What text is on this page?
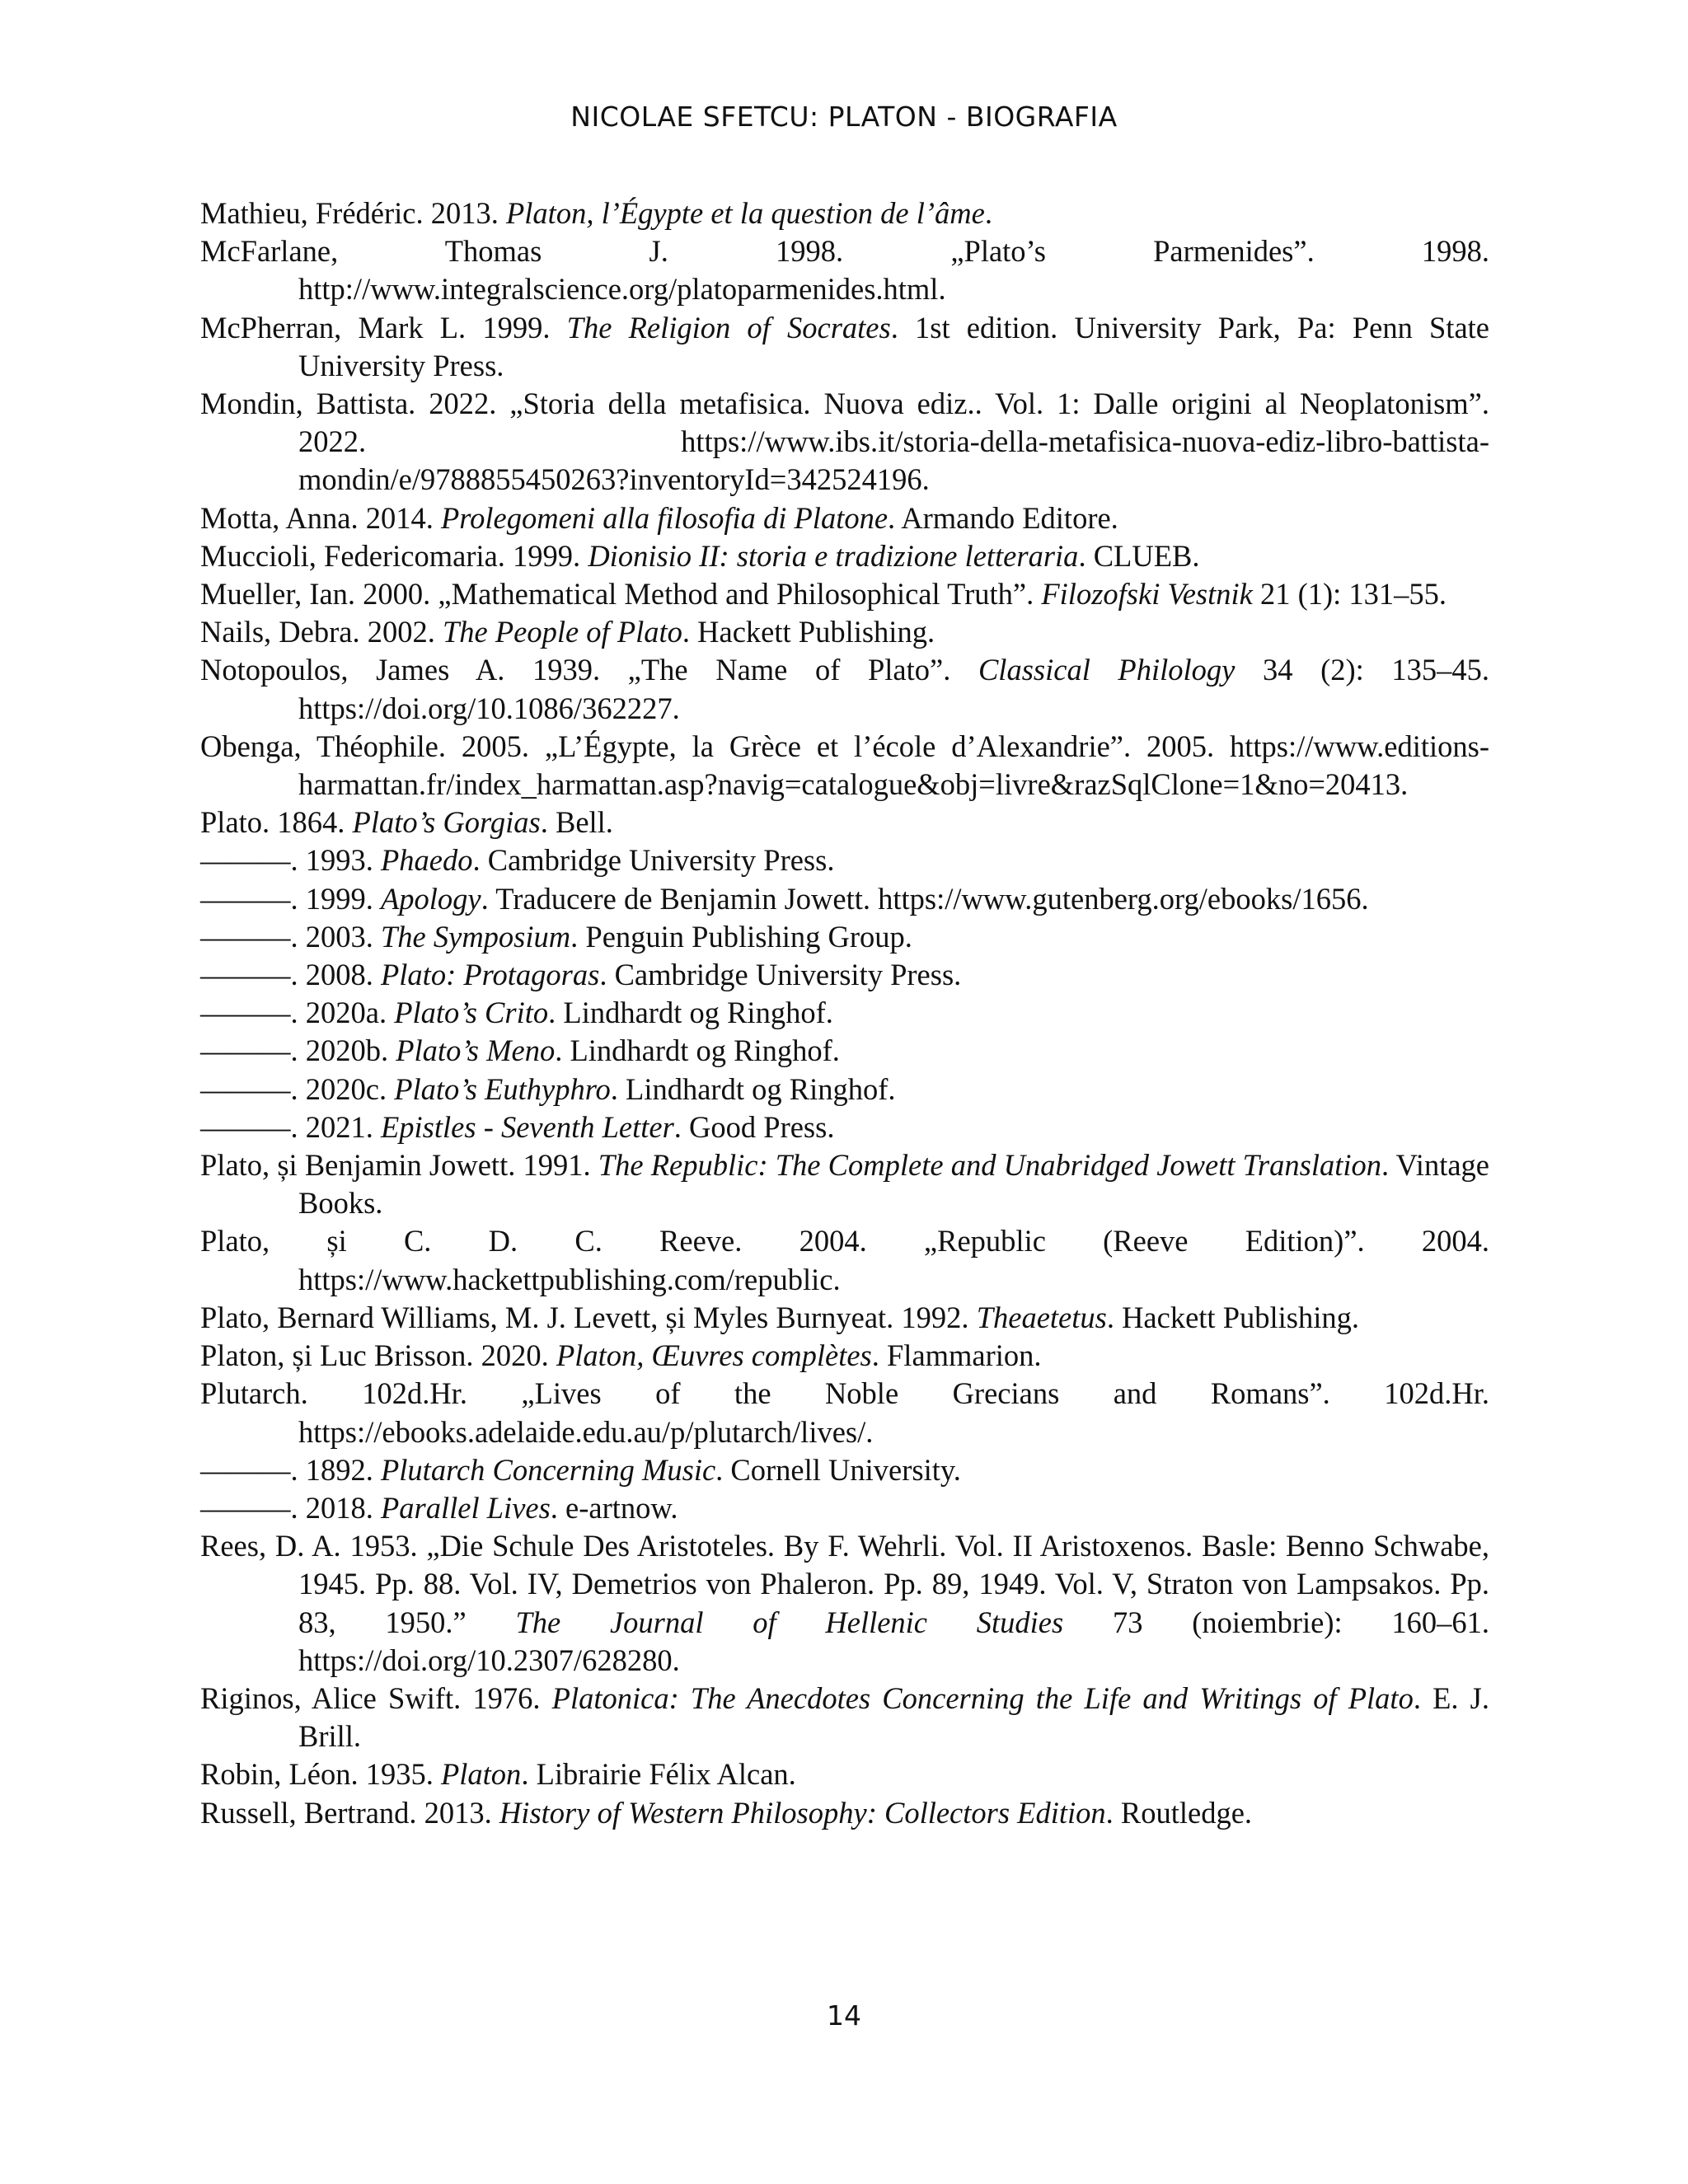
NICOLAE SFETCU: PLATON - BIOGRAFIA
Mathieu, Frédéric. 2013. Platon, l’Égypte et la question de l’âme.
McFarlane, Thomas J. 1998. „Plato’s Parmenides”. 1998. http://www.integralscience.org/platoparmenides.html.
McPherran, Mark L. 1999. The Religion of Socrates. 1st edition. University Park, Pa: Penn State University Press.
Mondin, Battista. 2022. „Storia della metafisica. Nuova ediz.. Vol. 1: Dalle origini al Neoplatonism”. 2022. https://www.ibs.it/storia-della-metafisica-nuova-ediz-libro-battista-mondin/e/9788855450263?inventoryId=342524196.
Motta, Anna. 2014. Prolegomeni alla filosofia di Platone. Armando Editore.
Muccioli, Federicomaria. 1999. Dionisio II: storia e tradizione letteraria. CLUEB.
Mueller, Ian. 2000. „Mathematical Method and Philosophical Truth”. Filozofski Vestnik 21 (1): 131–55.
Nails, Debra. 2002. The People of Plato. Hackett Publishing.
Notopoulos, James A. 1939. „The Name of Plato”. Classical Philology 34 (2): 135–45. https://doi.org/10.1086/362227.
Obenga, Théophile. 2005. „L’Égypte, la Grèce et l’école d’Alexandrie”. 2005. https://www.editions-harmattan.fr/index_harmattan.asp?navig=catalogue&obj=livre&razSqlClone=1&no=20413.
Plato. 1864. Plato’s Gorgias. Bell.
———. 1993. Phaedo. Cambridge University Press.
———. 1999. Apology. Traducere de Benjamin Jowett. https://www.gutenberg.org/ebooks/1656.
———. 2003. The Symposium. Penguin Publishing Group.
———. 2008. Plato: Protagoras. Cambridge University Press.
———. 2020a. Plato’s Crito. Lindhardt og Ringhof.
———. 2020b. Plato’s Meno. Lindhardt og Ringhof.
———. 2020c. Plato’s Euthyphro. Lindhardt og Ringhof.
———. 2021. Epistles - Seventh Letter. Good Press.
Plato, și Benjamin Jowett. 1991. The Republic: The Complete and Unabridged Jowett Translation. Vintage Books.
Plato, și C. D. C. Reeve. 2004. „Republic (Reeve Edition)”. 2004. https://www.hackettpublishing.com/republic.
Plato, Bernard Williams, M. J. Levett, și Myles Burnyeat. 1992. Theaetetus. Hackett Publishing.
Platon, și Luc Brisson. 2020. Platon, Œuvres complètes. Flammarion.
Plutarch. 102d.Hr. „Lives of the Noble Grecians and Romans”. 102d.Hr. https://ebooks.adelaide.edu.au/p/plutarch/lives/.
———. 1892. Plutarch Concerning Music. Cornell University.
———. 2018. Parallel Lives. e-artnow.
Rees, D. A. 1953. „Die Schule Des Aristoteles. By F. Wehrli. Vol. II Aristoxenos. Basle: Benno Schwabe, 1945. Pp. 88. Vol. IV, Demetrios von Phaleron. Pp. 89, 1949. Vol. V, Straton von Lampsakos. Pp. 83, 1950.” The Journal of Hellenic Studies 73 (noiembrie): 160–61. https://doi.org/10.2307/628280.
Riginos, Alice Swift. 1976. Platonica: The Anecdotes Concerning the Life and Writings of Plato. E. J. Brill.
Robin, Léon. 1935. Platon. Librairie Félix Alcan.
Russell, Bertrand. 2013. History of Western Philosophy: Collectors Edition. Routledge.
14
